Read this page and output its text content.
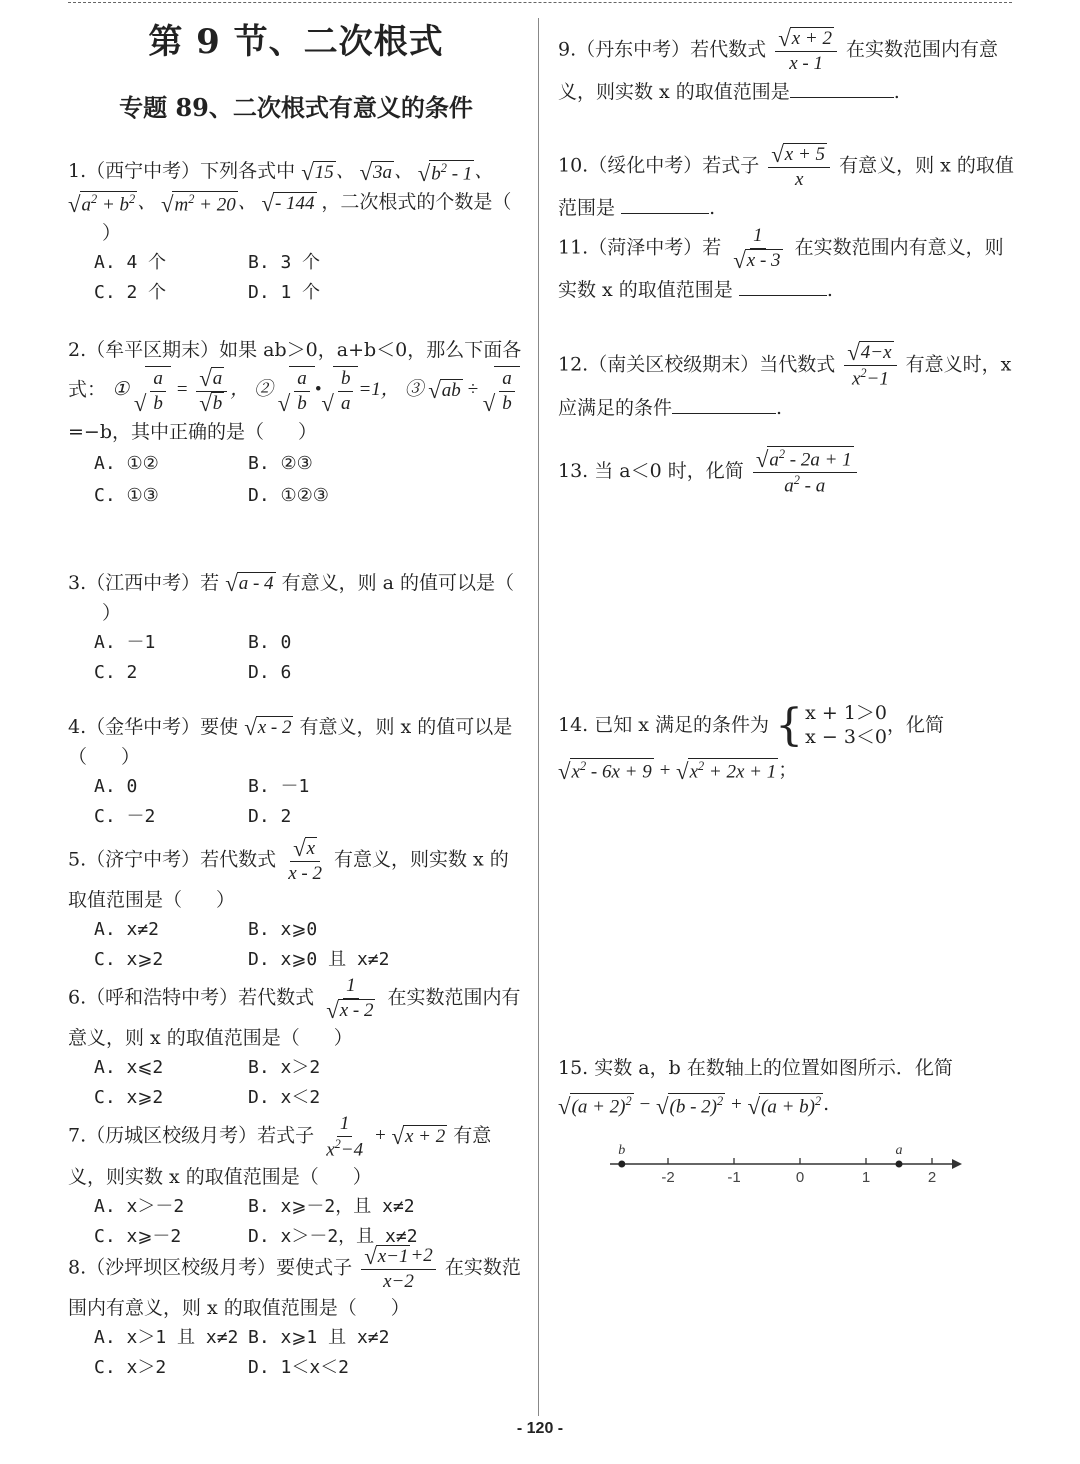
第 9 节、二次根式
专题 89、二次根式有意义的条件
1.（西宁中考）下列各式中 √ 15 、 √ 3a 、 √ $b^2 - 1$ 、
√ $a^2 + b^2$ 、 √ $m^2 + 20$ 、 √ - 144 ，二次根式的个数是（）
A. 4 个	B. 3 个
C. 2 个	D. 1 个
2.（牟平区期末）如果 ab＞0，a+b＜0，那么下面各式： ①
√ $\frac{a}{b} = \frac{√ a}{√ b}$ ， ②
√ $\frac{a}{b}$ •
√ $\frac{b}{a} =1$， ③ √ ab ÷
√ $\frac{a}{b}$
=−b，其中正确的是（ ）
A. ①②	B. ②③
C. ①③	D. ①②③
3.（江西中考）若 √ a - 4 有意义，则 a 的值可以是（）
A. －1	B. 0
C. 2	D. 6
4.（金华中考）要使 √ x - 2 有意义，则 x 的值可以是（ ）
A. 0	B. －1
C. －2	D. 2
5.（济宁中考）若代数式 $\frac{√ x}{x - 2}$ 有意义，则实数 x 的取值范围是（ ）
A. x≠2	B. x⩾0
C. x⩾2	D. x⩾0 且 x≠2
6.（呼和浩特中考）若代数式 $\frac{1}{√ x - 2}$ 在实数范围内有意义，则 x 的取值范围是（ ）
A. x⩽2	B. x＞2
C. x⩾2	D. x＜2
7.（历城区校级月考）若式子 $\frac{1}{x^2-4}$ + √ x + 2 有意义，则实数 x 的取值范围是（ ）
A. x＞－2	B. x⩾－2，且 x≠2
C. x⩾－2	D. x＞－2，且 x≠2
8.（沙坪坝区校级月考）要使式子 $\frac{√ x-1 +2}{x-2}$ 在实数范围内有意义，则 x 的取值范围是（ ）
A. x＞1 且 x≠2 B. x⩾1 且 x≠2
C. x＞2	D. 1＜x＜2
9.（丹东中考）若代数式 $\frac{√ x + 2}{x - 1}$ 在实数范围内有意义，则实数 x 的取值范围是	.
10.（绥化中考）若式子 $\frac{√ x + 5}{x}$ 有意义，则 x 的取值范围是	.
11.（菏泽中考）若 $\frac{1}{√ x - 3}$ 在实数范围内有意义，则实数 x 的取值范围是	.
12.（南关区校级期末）当代数式 $\frac{√ 4-x}{x^2-1}$ 有意义时，x 应满足的条件	.
13. 当 a＜0 时，化简 $\frac{√ a^2 - 2a + 1}{a^2 - a}$
14. 已知 x 满足的条件为 { x + 1＞0
x − 3＜0
，化简

√ $x^2 - 6x + 9$ + √ $x^2 + 2x + 1$ ；
15. 实数 a，b 在数轴上的位置如图所示．化简

√ $(a + 2)^2$ − √ (b - 2)$^2$ + √ $(a + b)^2$ .
-2	-1	0	1	2
b	a
- 120 -
